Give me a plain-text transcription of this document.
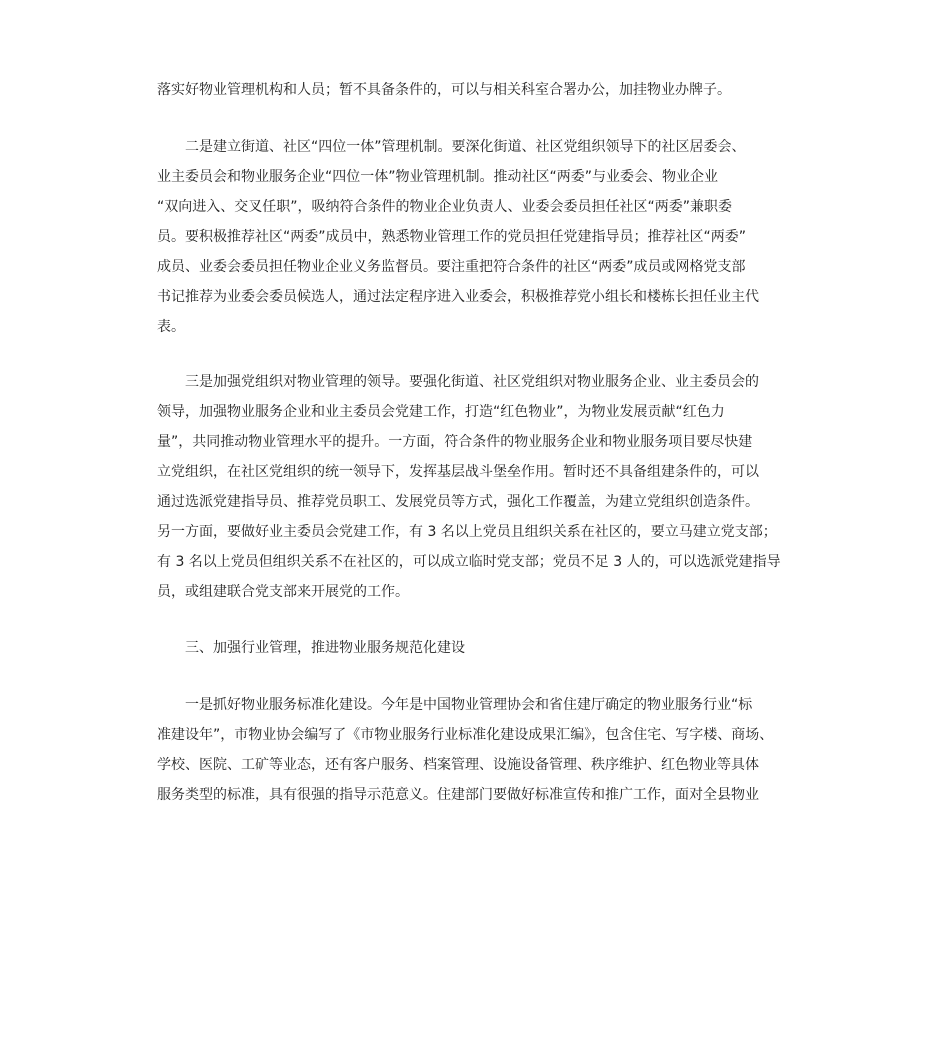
落实好物业管理机构和人员；暂不具备条件的，可以与相关科室合署办公，加挂物业办牌子。
二是建立街道、社区“四位一体”管理机制。要深化街道、社区党组织领导下的社区居委会、
业主委员会和物业服务企业“四位一体”物业管理机制。推动社区“两委”与业委会、物业企业
“双向进入、交叉任职”，吸纳符合条件的物业企业负责人、业委会委员担任社区“两委”兼职委
员。要积极推荐社区“两委”成员中，熟悉物业管理工作的党员担任党建指导员；推荐社区“两委”
成员、业委会委员担任物业企业义务监督员。要注重把符合条件的社区“两委”成员或网格党支部
书记推荐为业委会委员候选人，通过法定程序进入业委会，积极推荐党小组长和楼栋长担任业主代
表。
三是加强党组织对物业管理的领导。要强化街道、社区党组织对物业服务企业、业主委员会的
领导，加强物业服务企业和业主委员会党建工作，打造“红色物业”，为物业发展贡献“红色力
量”，共同推动物业管理水平的提升。一方面，符合条件的物业服务企业和物业服务项目要尽快建
立党组织，在社区党组织的统一领导下，发挥基层战斗堡垒作用。暂时还不具备组建条件的，可以
通过选派党建指导员、推荐党员职工、发展党员等方式，强化工作覆盖，为建立党组织创造条件。
另一方面，要做好业主委员会党建工作，有 3 名以上党员且组织关系在社区的，要立马建立党支部；
有 3 名以上党员但组织关系不在社区的，可以成立临时党支部；党员不足 3 人的，可以选派党建指导
员，或组建联合党支部来开展党的工作。
三、加强行业管理，推进物业服务规范化建设
一是抓好物业服务标准化建设。今年是中国物业管理协会和省住建厅确定的物业服务行业“标
准建设年”，市物业协会编写了《市物业服务行业标准化建设成果汇编》，包含住宅、写字楼、商场、
学校、医院、工矿等业态，还有客户服务、档案管理、设施设备管理、秩序维护、红色物业等具体
服务类型的标准，具有很强的指导示范意义。住建部门要做好标准宣传和推广工作，面对全县物业
